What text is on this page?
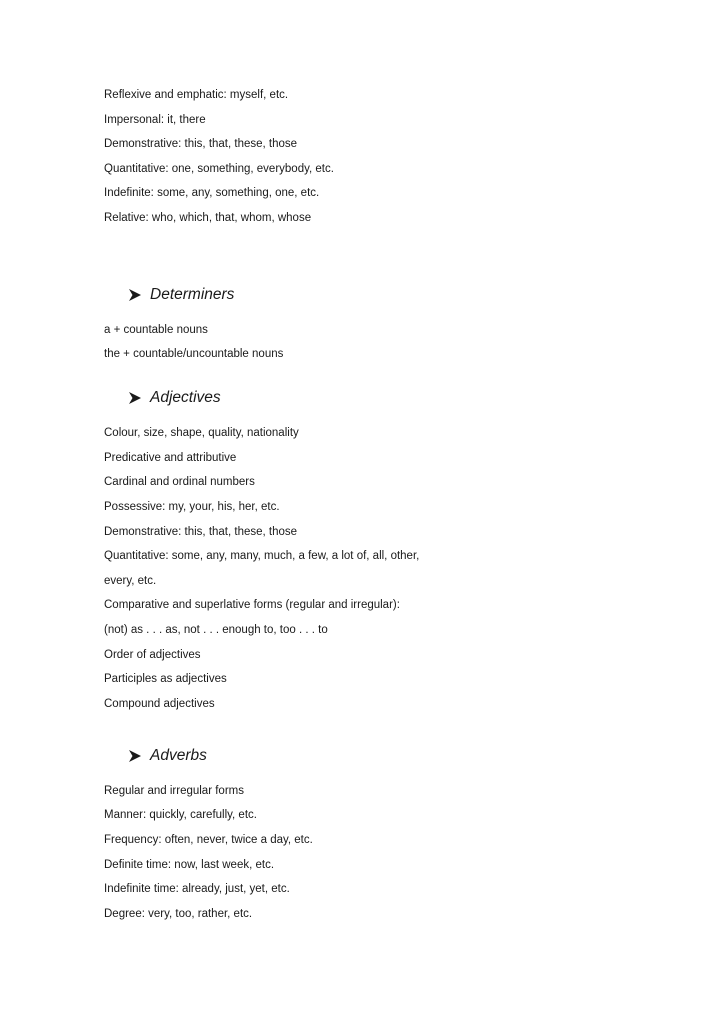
Reflexive and emphatic: myself, etc.
Impersonal: it, there
Demonstrative: this, that, these, those
Quantitative: one, something, everybody, etc.
Indefinite: some, any, something, one, etc.
Relative: who, which, that, whom, whose
Determiners
a + countable nouns
the + countable/uncountable nouns
Adjectives
Colour, size, shape, quality, nationality
Predicative and attributive
Cardinal and ordinal numbers
Possessive: my, your, his, her, etc.
Demonstrative: this, that, these, those
Quantitative: some, any, many, much, a few, a lot of, all, other,
every, etc.
Comparative and superlative forms (regular and irregular):
(not) as . . . as, not . . . enough to, too . . . to
Order of adjectives
Participles as adjectives
Compound adjectives
Adverbs
Regular and irregular forms
Manner: quickly, carefully, etc.
Frequency: often, never, twice a day, etc.
Definite time: now, last week, etc.
Indefinite time: already, just, yet, etc.
Degree: very, too, rather, etc.
